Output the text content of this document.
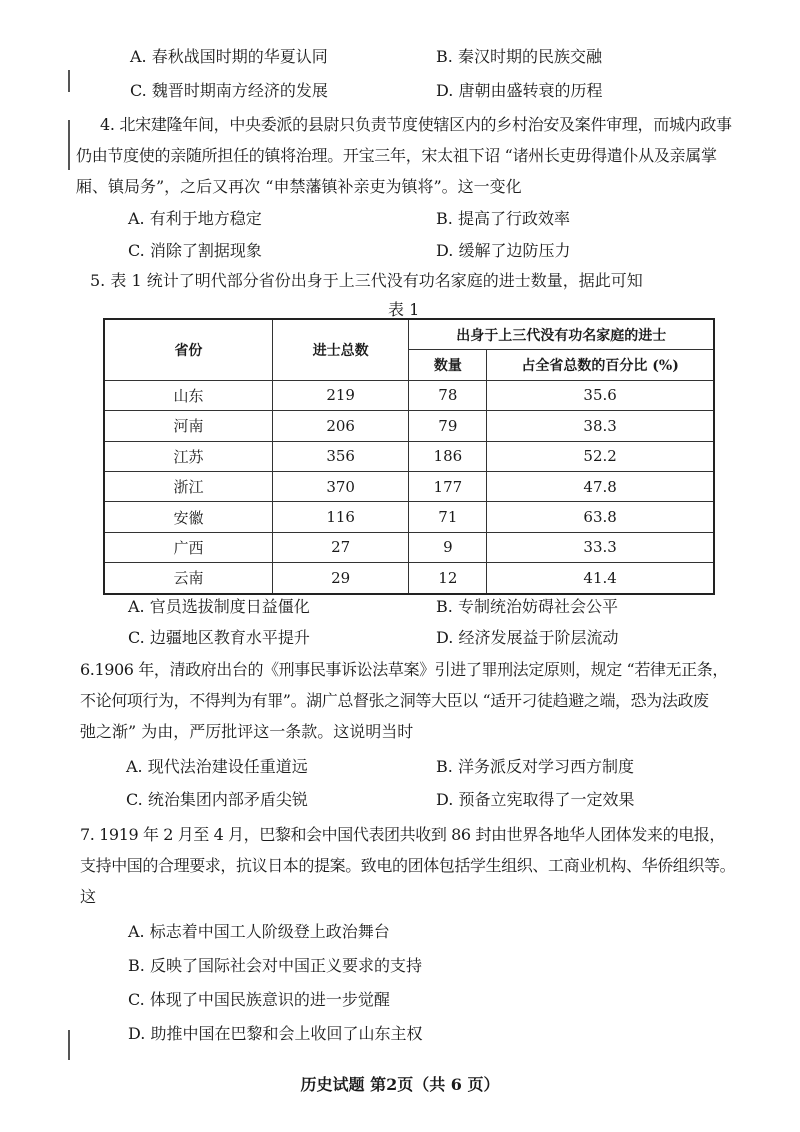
A. 春秋战国时期的华夏认同	B. 秦汉时期的民族交融
C. 魏晋时期南方经济的发展	D. 唐朝由盛转衰的历程
4. 北宋建隆年间，中央委派的县尉只负责节度使辖区内的乡村治安及案件审理，而城内政事
仍由节度使的亲随所担任的镇将治理。开宝三年，宋太祖下诏 “诸州长吏毋得遣仆从及亲属掌
厢、镇局务”，之后又再次 “申禁藩镇补亲吏为镇将”。这一变化
A. 有利于地方稳定	B. 提高了行政效率
C. 消除了割据现象	D. 缓解了边防压力
5. 表 1 统计了明代部分省份出身于上三代没有功名家庭的进士数量，据此可知
表 1
省份	进士总数	出身于上三代没有功名家庭的进士	
		数量	占全省总数的百分比 (%)
山东	219	78	35.6
河南	206	79	38.3
江苏	356	186	52.2
浙江	370	177	47.8
安徽	116	71	63.8
广西	27	9	33.3
云南	29	12	41.4
A. 官员选拔制度日益僵化	B. 专制统治妨碍社会公平
C. 边疆地区教育水平提升	D. 经济发展益于阶层流动
6.1906 年，清政府出台的《刑事民事诉讼法草案》引进了罪刑法定原则，规定 “若律无正条，
不论何项行为，不得判为有罪”。湖广总督张之洞等大臣以 “适开刁徒趋避之端，恐为法政废
弛之渐” 为由，严厉批评这一条款。这说明当时
A. 现代法治建设任重道远	B. 洋务派反对学习西方制度
C. 统治集团内部矛盾尖锐	D. 预备立宪取得了一定效果
7. 1919 年 2 月至 4 月，巴黎和会中国代表团共收到 86 封由世界各地华人团体发来的电报，
支持中国的合理要求，抗议日本的提案。致电的团体包括学生组织、工商业机构、华侨组织等。
这
A. 标志着中国工人阶级登上政治舞台
B. 反映了国际社会对中国正义要求的支持
C. 体现了中国民族意识的进一步觉醒
D. 助推中国在巴黎和会上收回了山东主权
历史试题 第2页（共 6 页）
